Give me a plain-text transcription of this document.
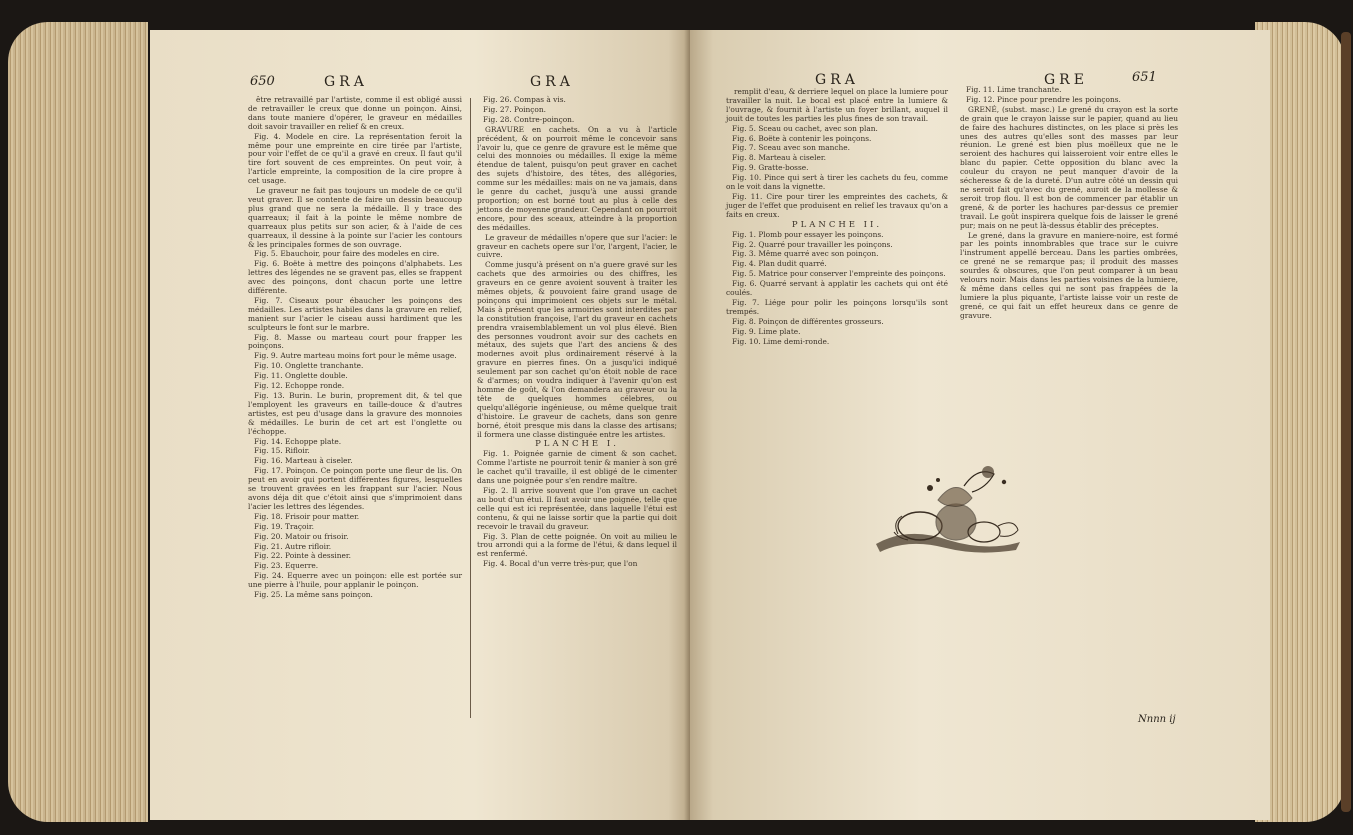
650	GRA	GRA

être retravaillé par l'artiste, comme il est obligé aussi de retravailler le creux que donne un poinçon. Ainsi, dans toute maniere d'opérer, le graveur en médailles doit savoir travailler en relief & en creux.

Fig. 4. Modele en cire. La représentation feroit la même pour une empreinte en cire tirée par l'artiste, pour voir l'effet de ce qu'il a gravé en creux. Il faut qu'il tire fort souvent de ces empreintes. On peut voir, à l'article empreinte, la composition de la cire propre à cet usage.

Le graveur ne fait pas toujours un modele de ce qu'il veut graver. Il se contente de faire un dessin beaucoup plus grand que ne sera la médaille. Il y trace des quarreaux; il fait à la pointe le même nombre de quarreaux plus petits sur son acier, & à l'aide de ces quarreaux, il dessine à la pointe sur l'acier les contours & les principales formes de son ouvrage.

Fig. 5. Ebauchoir, pour faire des modeles en cire.

Fig. 6. Boëte à mettre des poinçons d'alphabets. Les lettres des légendes ne se gravent pas, elles se frappent avec des poinçons, dont chacun porte une lettre différente.

Fig. 7. Ciseaux pour ébaucher les poinçons des médailles. Les artistes habiles dans la gravure en relief, manient sur l'acier le ciseau aussi hardiment que les sculpteurs le font sur le marbre.

Fig. 8. Masse ou marteau court pour frapper les poinçons.

Fig. 9. Autre marteau moins fort pour le même usage.

Fig. 10. Onglette tranchante.

Fig. 11. Onglette double.

Fig. 12. Echoppe ronde.

Fig. 13. Burin. Le burin, proprement dit, & tel que l'employent les graveurs en taille-douce & d'autres artistes, est peu d'usage dans la gravure des monnoies & médailles. Le burin de cet art est l'onglette ou l'échoppe.

Fig. 14. Echoppe plate.

Fig. 15. Rifloir.

Fig. 16. Marteau à ciseler.

Fig. 17. Poinçon. Ce poinçon porte une fleur de lis. On peut en avoir qui portent différentes figures, lesquelles se trouvent gravées en les frappant sur l'acier. Nous avons déja dit que c'étoit ainsi que s'imprimoient dans l'acier les lettres des légendes.

Fig. 18. Frisoir pour matter.

Fig. 19. Traçoir.

Fig. 20. Matoir ou frisoir.

Fig. 21. Autre rifloir.

Fig. 22. Pointe à dessiner.

Fig. 23. Equerre.

Fig. 24. Equerre avec un poinçon: elle est portée sur une pierre à l'huile, pour applanir le poinçon.

Fig. 25. La même sans poinçon.

Fig. 26. Compas à vis.

Fig. 27. Poinçon.

Fig. 28. Contre-poinçon.

GRAVURE en cachets. On a vu à l'article précédent, & on pourroit même le concevoir sans l'avoir lu, que ce genre de gravure est le même que celui des monnoies ou médailles. Il exige la même étendue de talent, puisqu'on peut graver en cachet des sujets d'histoire, des têtes, des allégories, comme sur les médailles: mais on ne va jamais, dans le genre du cachet, jusqu'à une aussi grande proportion; on est borné tout au plus à celle des jettons de moyenne grandeur. Cependant on pourroit encore, pour des sceaux, atteindre à la proportion des médailles.

Le graveur de médailles n'opere que sur l'acier: le graveur en cachets opere sur l'or, l'argent, l'acier, le cuivre.

Comme jusqu'à présent on n'a guere gravé sur les cachets que des armoiries ou des chiffres, les graveurs en ce genre avoient souvent à traiter les mêmes objets, & pouvoient faire grand usage de poinçons qui imprimoient ces objets sur le métal. Mais à présent que les armoiries sont interdites par la constitution françoise, l'art du graveur en cachets prendra vraisemblablement un vol plus élevé. Bien des personnes voudront avoir sur des cachets en métaux, des sujets que l'art des anciens & des modernes avoit plus ordinairement réservé à la gravure en pierres fines. On a jusqu'ici indiqué seulement par son cachet qu'on étoit noble de race & d'armes; on voudra indiquer à l'avenir qu'on est homme de goût, & l'on demandera au graveur ou la tête de quelques hommes célebres, ou quelqu'allégorie ingénieuse, ou même quelque trait d'histoire. Le graveur de cachets, dans son genre borné, étoit presque mis dans la classe des artisans; il formera une classe distinguée entre les artistes.

PLANCHE I.

Fig. 1. Poignée garnie de ciment & son cachet. Comme l'artiste ne pourroit tenir & manier à son gré le cachet qu'il travaille, il est obligé de le cimenter dans une poignée pour s'en rendre maître.

Fig. 2. Il arrive souvent que l'on grave un cachet au bout d'un étui. Il faut avoir une poignée, telle que celle qui est ici représentée, dans laquelle l'étui est contenu, & qui ne laisse sortir que la partie qui doit recevoir le travail du graveur.

Fig. 3. Plan de cette poignée. On voit au milieu le trou arrondi qui a la forme de l'étui, & dans lequel il est renfermé.

Fig. 4. Bocal d'un verre très-pur, que l'on

GRA	GRE	651

remplit d'eau, & derriere lequel on place la lumiere pour travailler la nuit. Le bocal est placé entre la lumiere & l'ouvrage, & fournit à l'artiste un foyer brillant, auquel il jouit de toutes les parties les plus fines de son travail.

Fig. 5. Sceau ou cachet, avec son plan.

Fig. 6. Boëte à contenir les poinçons.

Fig. 7. Sceau avec son manche.

Fig. 8. Marteau à ciseler.

Fig. 9. Gratte-bosse.

Fig. 10. Pince qui sert à tirer les cachets du feu, comme on le voit dans la vignette.

Fig. 11. Cire pour tirer les empreintes des cachets, & juger de l'effet que produisent en relief les travaux qu'on a faits en creux.

PLANCHE II.

Fig. 1. Plomb pour essayer les poinçons.

Fig. 2. Quarré pour travailler les poinçons.

Fig. 3. Même quarré avec son poinçon.

Fig. 4. Plan dudit quarré.

Fig. 5. Matrice pour conserver l'empreinte des poinçons.

Fig. 6. Quarré servant à applatir les cachets qui ont été coulés.

Fig. 7. Liége pour polir les poinçons lorsqu'ils sont trempés.

Fig. 8. Poinçon de différentes grosseurs.

Fig. 9. Lime plate.

Fig. 10. Lime demi-ronde.

Fig. 11. Lime tranchante.

Fig. 12. Pince pour prendre les poinçons.

GRENÉ, (subst. masc.) Le grené du crayon est la sorte de grain que le crayon laisse sur le papier, quand au lieu de faire des hachures distinctes, on les place si près les unes des autres qu'elles sont des masses par leur réunion. Le grené est bien plus moëlleux que ne le seroient des hachures qui laisseroient voir entre elles le blanc du papier. Cette opposition du blanc avec la couleur du crayon ne peut manquer d'avoir de la sécheresse & de la dureté. D'un autre côté un dessin qui ne seroit fait qu'avec du grené, auroit de la mollesse & seroit trop flou. Il est bon de commencer par établir un grené, & de porter les hachures par-dessus ce premier travail. Le goût inspirera quelque fois de laisser le grené pur; mais on ne peut là-dessus établir des préceptes.

Le grené, dans la gravure en maniere-noire, est formé par les points innombrables que trace sur le cuivre l'instrument appellé berceau. Dans les parties ombrées, ce grené ne se remarque pas; il produit des masses sourdes & obscures, que l'on peut comparer à un beau velours noir. Mais dans les parties voisines de la lumiere, & même dans celles qui ne sont pas frappées de la lumiere la plus piquante, l'artiste laisse voir un reste de grené, ce qui fait un effet heureux dans ce genre de gravure.

Nnnn ij
